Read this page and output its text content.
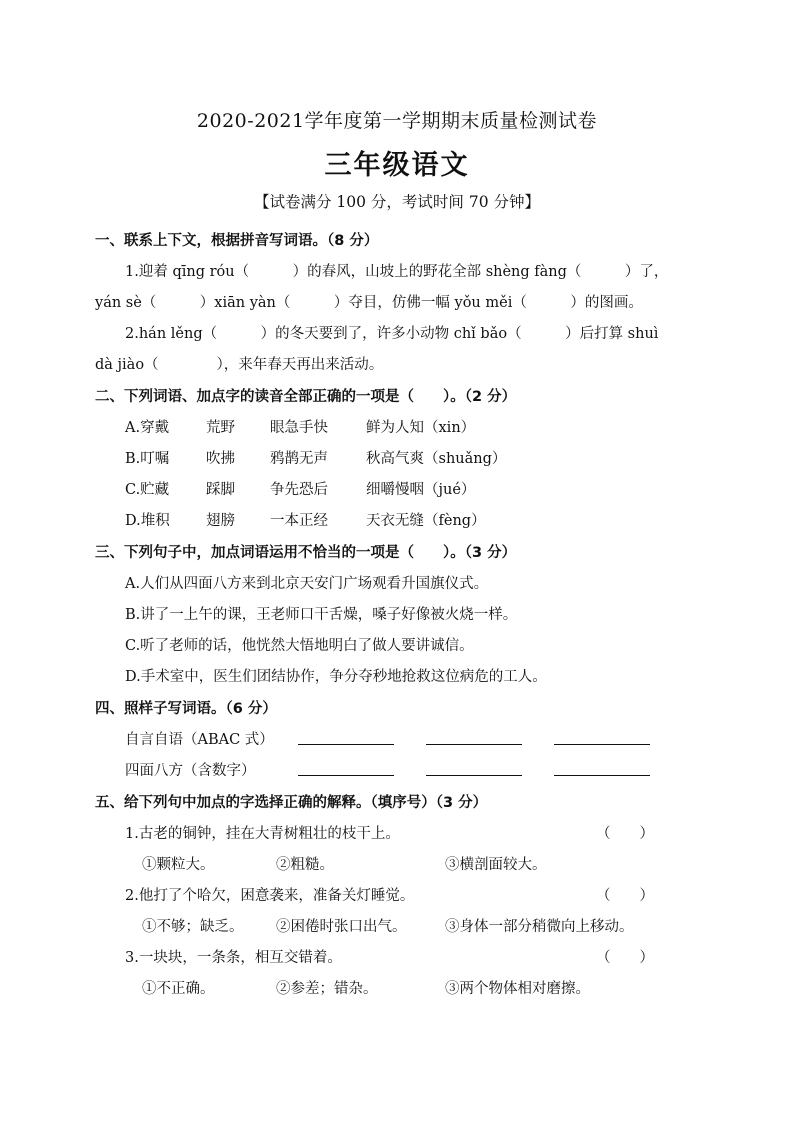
2020-2021学年度第一学期期末质量检测试卷
三年级语文
【试卷满分 100 分，考试时间 70 分钟】
一、联系上下文，根据拼音写词语。（8 分）
1.迎着 qīng róu（　　　）的春风，山坡上的野花全部 shèng fàng（　　　）了，
yán sè（　　　）xiān yàn（　　　）夺目，仿佛一幅 yǒu měi（　　　）的图画。
2.hán lěng（　　　）的冬天要到了，许多小动物 chǐ bǎo（　　　）后打算 shuì
dà jiào（　　　　），来年春天再出来活动。
二、下列词语、加点字的读音全部正确的一项是（　　）。（2 分）
A.穿戴	荒野 眼急手快	鲜为人知（xin）
B.叮嘱	吹拂 鸦鹊无声	秋高气爽（shuǎng）
C.贮藏	踩脚 争先恐后	细嚼慢咽（jué）
D.堆积	翅膀 一本正经	天衣无缝（fèng）
三、下列句子中，加点词语运用不恰当的一项是（　　）。（3 分）
A.人们从四面八方来到北京天安门广场观看升国旗仪式。
B.讲了一上午的课，王老师口干舌燥，嗓子好像被火烧一样。
C.听了老师的话，他恍然大悟地明白了做人要讲诚信。
D.手术室中，医生们团结协作，争分夺秒地抢救这位病危的工人。
四、照样子写词语。（6 分）
自言自语（ABAC 式）
四面八方（含数字）
五、给下列句中加点的字选择正确的解释。（填序号）（3 分）
1.古老的铜钟，挂在大青树粗壮的枝干上。	（　　）
①颗粒大。	②粗糙。	③横剖面较大。
2.他打了个哈欠，困意袭来，准备关灯睡觉。	（　　）
①不够；缺乏。 ②困倦时张口出气。	③身体一部分稍微向上移动。
3.一块块，一条条，相互交错着。	（　　）
①不正确。	②参差；错杂。	③两个物体相对磨擦。
